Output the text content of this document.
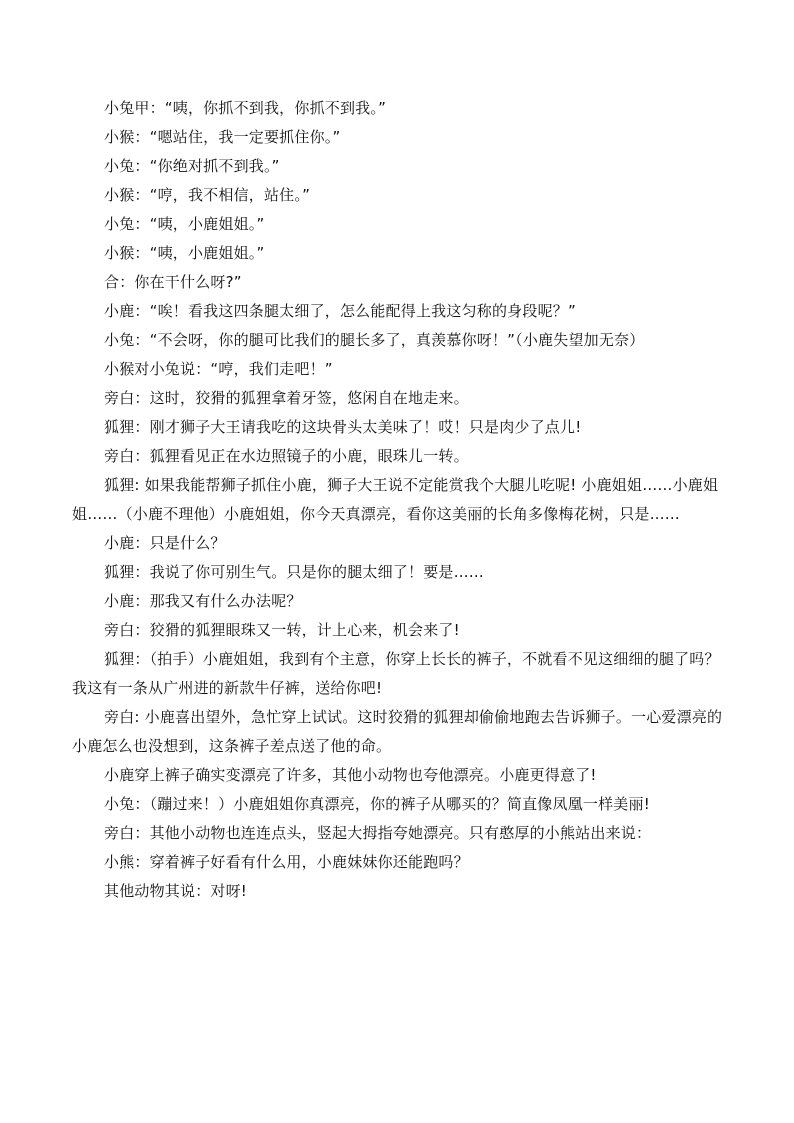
小兔甲：“咦，你抓不到我，你抓不到我。”
小猴：“嗯站住，我一定要抓住你。”
小兔：“你绝对抓不到我。”
小猴：“哼，我不相信，站住。”
小兔：“咦，小鹿姐姐。”
小猴：“咦，小鹿姐姐。”
合：你在干什么呀?”
小鹿：“唉！看我这四条腿太细了，怎么能配得上我这匀称的身段呢？”
小兔：“不会呀，你的腿可比我们的腿长多了，真羡慕你呀！”（小鹿失望加无奈）
小猴对小兔说：“哼，我们走吧！”
旁白：这时，狡猾的狐狸拿着牙签，悠闲自在地走来。
狐狸：刚才狮子大王请我吃的这块骨头太美味了！哎！只是肉少了点儿!
旁白：狐狸看见正在水边照镜子的小鹿，眼珠儿一转。
狐狸: 如果我能帮狮子抓住小鹿，狮子大王说不定能赏我个大腿儿吃呢! 小鹿姐姐……小鹿姐姐……（小鹿不理他）小鹿姐姐，你今天真漂亮，看你这美丽的长角多像梅花树，只是……
小鹿：只是什么？
狐狸：我说了你可别生气。只是你的腿太细了！要是……
小鹿：那我又有什么办法呢？
旁白：狡猾的狐狸眼珠又一转，计上心来，机会来了!
狐狸：（拍手）小鹿姐姐，我到有个主意，你穿上长长的裤子，不就看不见这细细的腿了吗？我这有一条从广州进的新款牛仔裤，送给你吧!
旁白: 小鹿喜出望外，急忙穿上试试。这时狡猾的狐狸却偷偷地跑去告诉狮子。一心爱漂亮的小鹿怎么也没想到，这条裤子差点送了他的命。
小鹿穿上裤子确实变漂亮了许多，其他小动物也夸他漂亮。小鹿更得意了!
小兔：（蹦过来！）小鹿姐姐你真漂亮，你的裤子从哪买的？简直像凤凰一样美丽!
旁白：其他小动物也连连点头，竖起大拇指夸她漂亮。只有憨厚的小熊站出来说：
小熊：穿着裤子好看有什么用，小鹿妹妹你还能跑吗？
其他动物其说：对呀!
